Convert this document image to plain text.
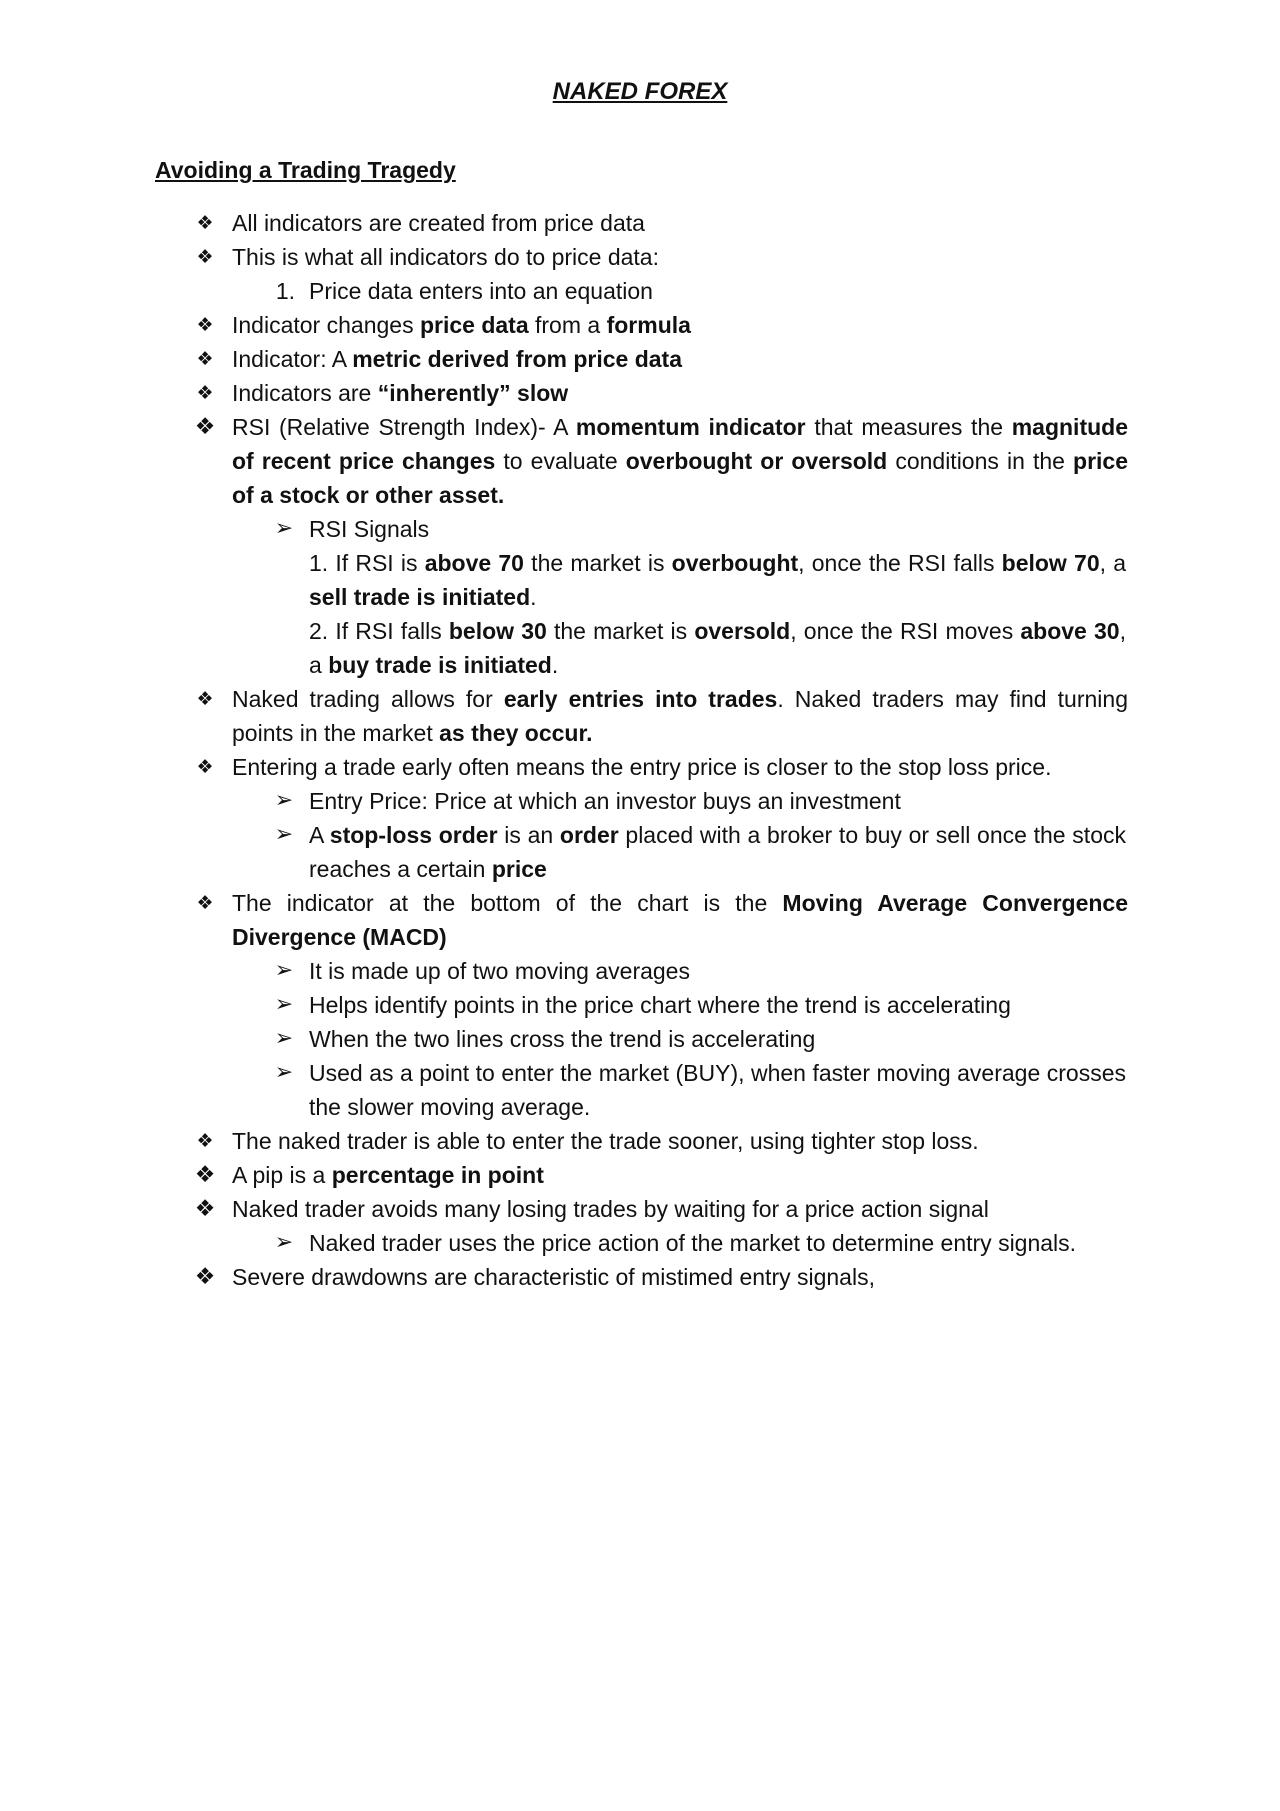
NAKED FOREX
Avoiding a Trading Tragedy
❖ All indicators are created from price data
❖ This is what all indicators do to price data:
1. Price data enters into an equation
❖ Indicator changes price data from a formula
❖ Indicator: A metric derived from price data
❖ Indicators are “inherently” slow
❖ RSI (Relative Strength Index)- A momentum indicator that measures the magnitude of recent price changes to evaluate overbought or oversold conditions in the price of a stock or other asset.
➢ RSI Signals
1. If RSI is above 70 the market is overbought, once the RSI falls below 70, a sell trade is initiated.
2. If RSI falls below 30 the market is oversold, once the RSI moves above 30, a buy trade is initiated.
❖ Naked trading allows for early entries into trades. Naked traders may find turning points in the market as they occur.
❖ Entering a trade early often means the entry price is closer to the stop loss price.
➢ Entry Price: Price at which an investor buys an investment
➢ A stop-loss order is an order placed with a broker to buy or sell once the stock reaches a certain price
❖ The indicator at the bottom of the chart is the Moving Average Convergence Divergence (MACD)
➢ It is made up of two moving averages
➢ Helps identify points in the price chart where the trend is accelerating
➢ When the two lines cross the trend is accelerating
➢ Used as a point to enter the market (BUY), when faster moving average crosses the slower moving average.
❖ The naked trader is able to enter the trade sooner, using tighter stop loss.
❖ A pip is a percentage in point
❖ Naked trader avoids many losing trades by waiting for a price action signal
➢ Naked trader uses the price action of the market to determine entry signals.
❖ Severe drawdowns are characteristic of mistimed entry signals,
